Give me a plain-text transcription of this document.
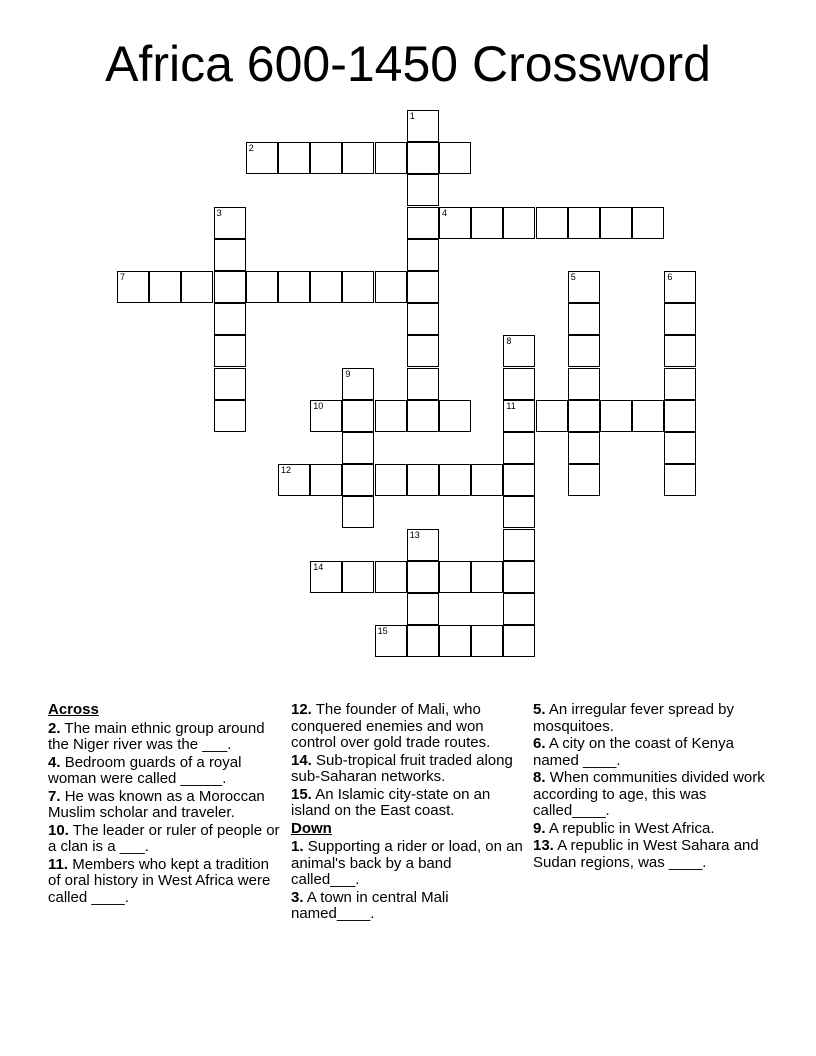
Africa 600-1450 Crossword
2
4
7
10	11
12
14
15
1
3
5	6
8
9
13
Across
2. The main ethnic group around the Niger river was the ___.
4. Bedroom guards of a royal woman were called _____.
7. He was known as a Moroccan Muslim scholar and traveler.
10. The leader or ruler of people or a clan is a ___.
11. Members who kept a tradition of oral history in West Africa were called ____.
12. The founder of Mali, who conquered enemies and won control over gold trade routes.
14. Sub-tropical fruit traded along sub-Saharan networks.
15. An Islamic city-state on an island on the East coast.
Down
1. Supporting a rider or load, on an animal's back by a band called___.
3. A town in central Mali named____.
5. An irregular fever spread by mosquitoes.
6. A city on the coast of Kenya named ____.
8. When communities divided work according to age, this was called____.
9. A republic in West Africa.
13. A republic in West Sahara and Sudan regions, was ____.
